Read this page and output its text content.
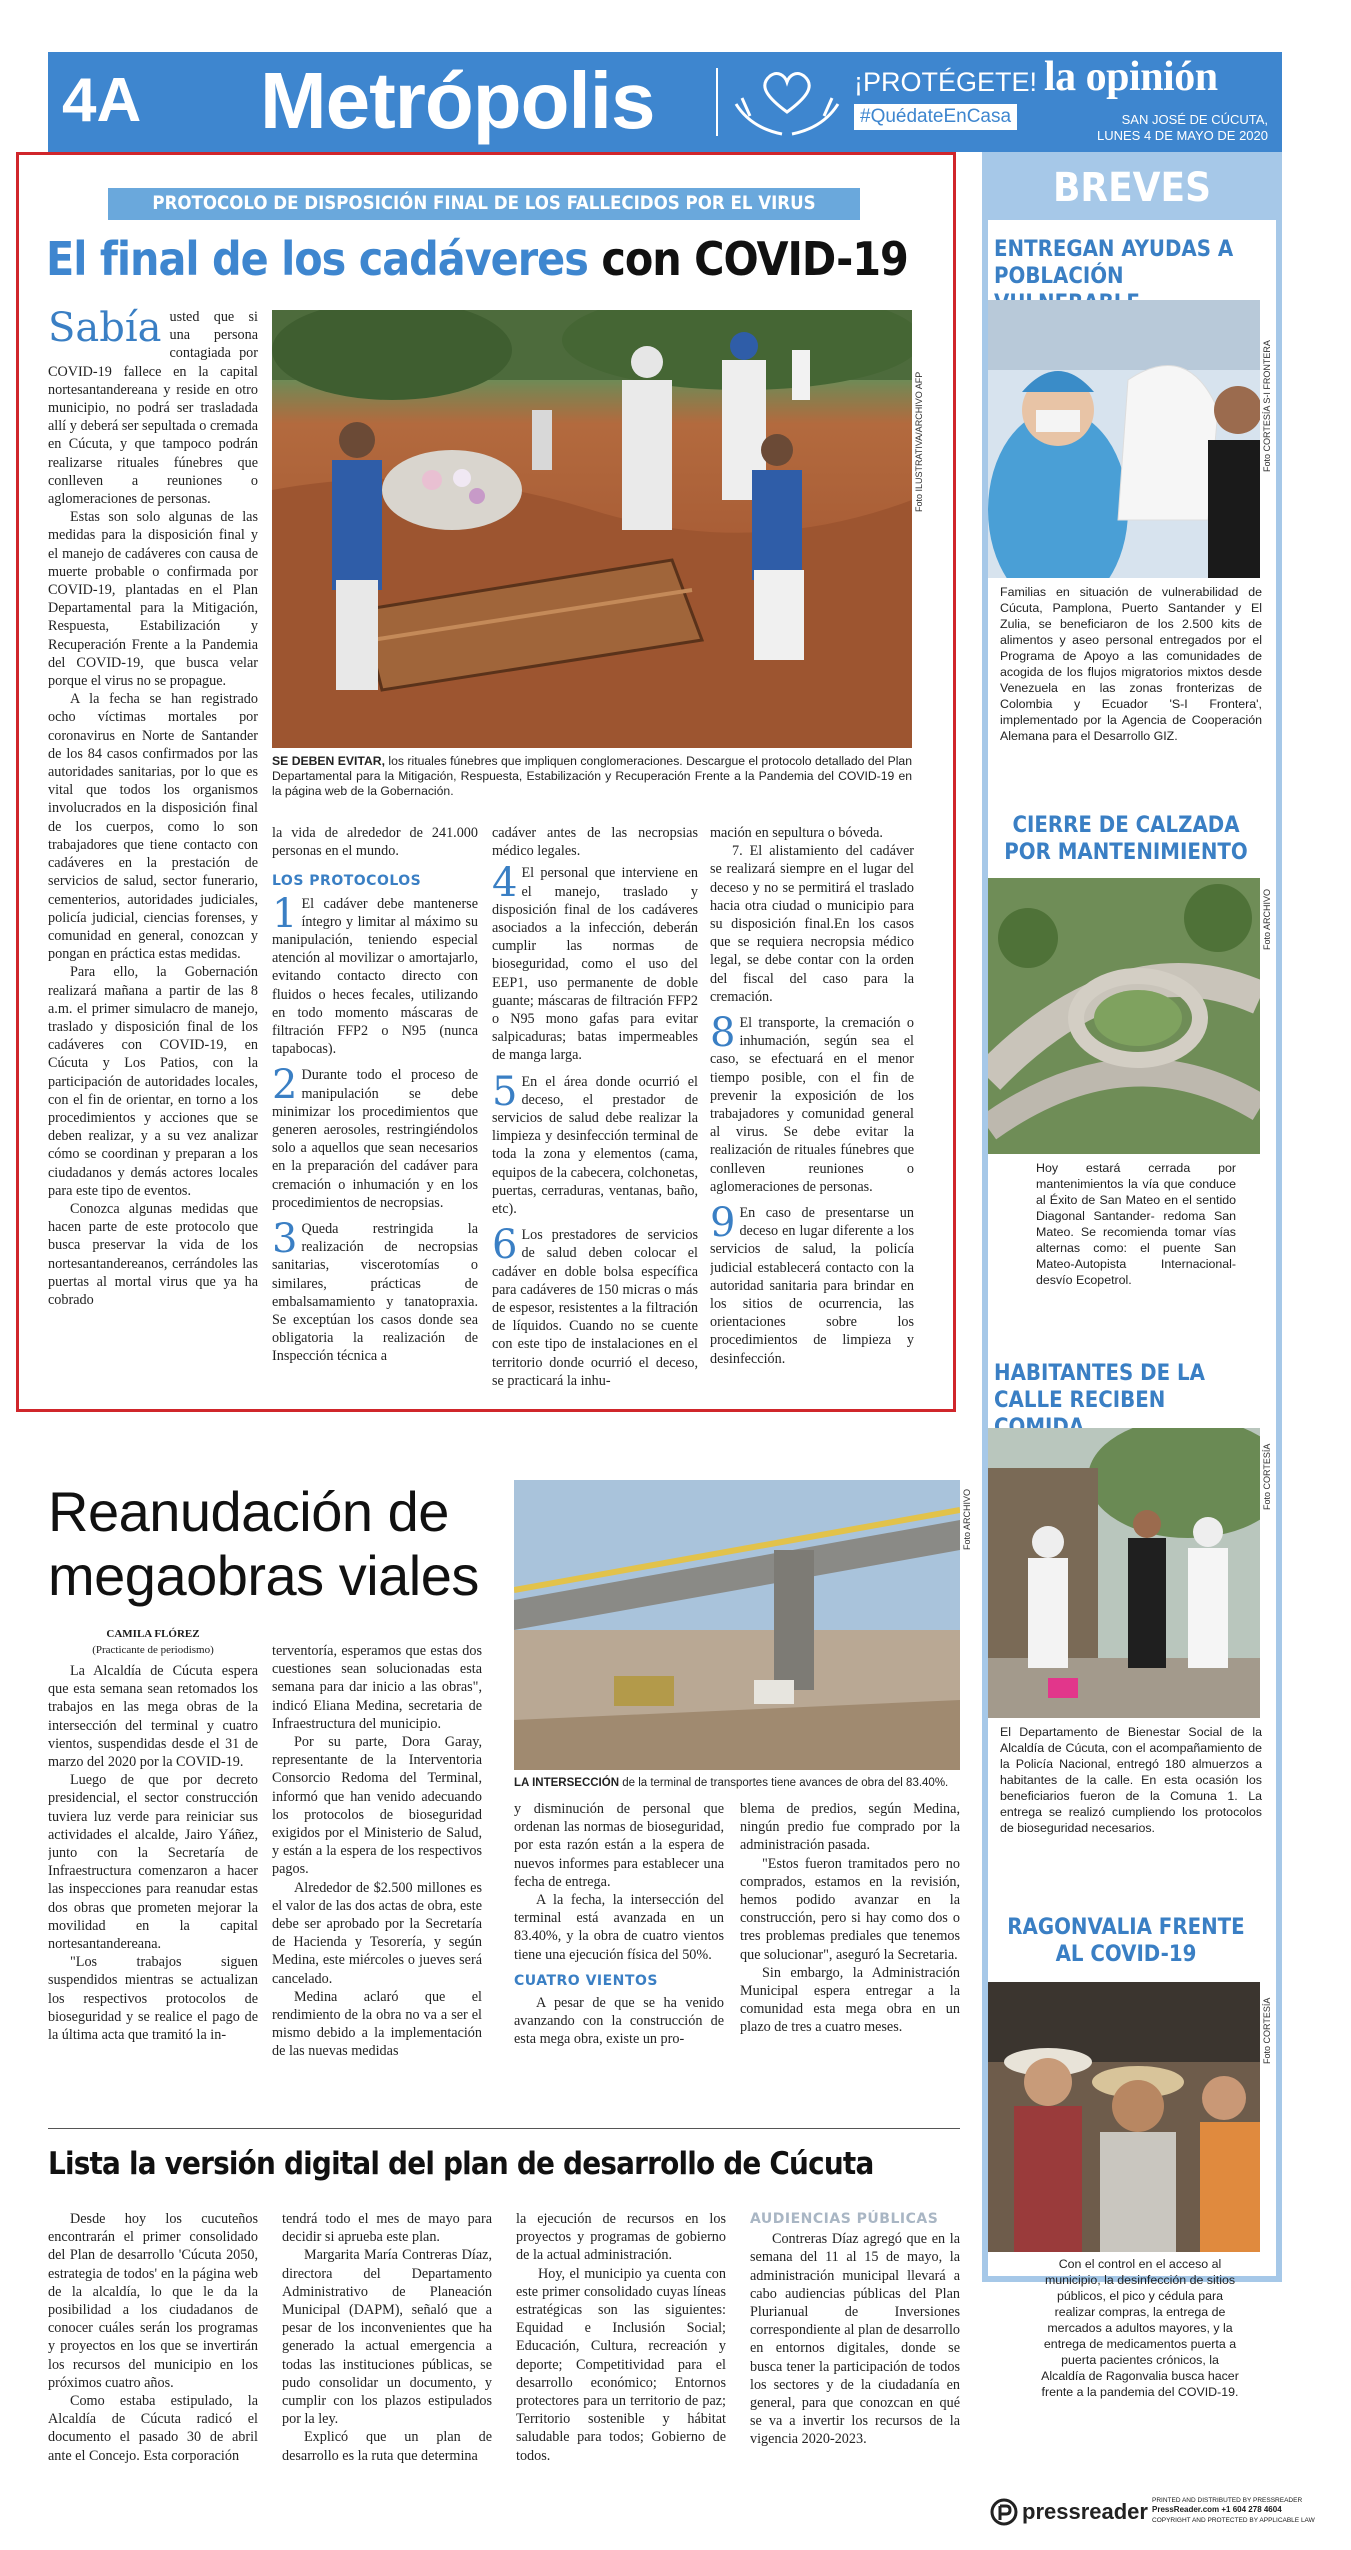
4A Metrópolis	¡PROTÉGETE!
#QuédateEnCasa
la opinión
SAN JOSÉ DE CÚCUTA,
LUNES 4 DE MAYO DE 2020
PROTOCOLO DE DISPOSICIÓN FINAL DE LOS FALLECIDOS POR EL VIRUS
El final de los cadáveres con COVID-19

Sabía usted que si una persona contagiada por COVID-19 fallece en la capital nortesantandereana y reside en otro municipio, no podrá ser trasladada allí y deberá ser sepultada o cremada en Cúcuta, y que tampoco podrán realizarse rituales fúnebres que conlleven a reuniones o aglomeraciones de personas.

Estas son solo algunas de las medidas para la disposición final y el manejo de cadáveres con causa de muerte probable o confirmada por COVID-19, plantadas en el Plan Departamental para la Mitigación, Respuesta, Estabilización y Recuperación Frente a la Pandemia del COVID-19, que busca velar porque el virus no se propague.

A la fecha se han registrado ocho víctimas mortales por coronavirus en Norte de Santander de los 84 casos confirmados por las autoridades sanitarias, por lo que es vital que todos los organismos involucrados en la disposición final de los cuerpos, como lo son trabajadores que tiene contacto con cadáveres en la prestación de servicios de salud, sector funerario, cementerios, autoridades judiciales, policía judicial, ciencias forenses, y comunidad en general, conozcan y pongan en práctica estas medidas.

Para ello, la Gobernación realizará mañana a partir de las 8 a.m. el primer simulacro de manejo, traslado y disposición final de los cadáveres con COVID-19, en Cúcuta y Los Patios, con la participación de autoridades locales, con el fin de orientar, en torno a los procedimientos y acciones que se deben realizar, y a su vez analizar cómo se coordinan y preparan a los ciudadanos y demás actores locales para este tipo de eventos.

Conozca algunas medidas que hacen parte de este protocolo que busca preservar la vida de los nortesantandereanos, cerrándoles las puertas al mortal virus que ya ha cobrado

Foto ILUSTRATIVA/ARCHIVO AFP
SE DEBEN EVITAR, los rituales fúnebres que impliquen conglomeraciones. Descargue el protocolo detallado del Plan Departamental para la Mitigación, Respuesta, Estabilización y Recuperación Frente a la Pandemia del COVID-19 en la página web de la Gobernación.

la vida de alrededor de 241.000 personas en el mundo.

LOS PROTOCOLOS

1 El cadáver debe mantenerse íntegro y limitar al máximo su manipulación, teniendo especial atención al movilizar o amortajarlo, evitando contacto directo con fluidos o heces fecales, utilizando en todo momento máscaras de filtración FFP2 o N95 (nunca tapabocas).

2 Durante todo el proceso de manipulación se debe minimizar los procedimientos que generen aerosoles, restringiéndolos solo a aquellos que sean necesarios en la preparación del cadáver para cremación o inhumación y en los procedimientos de necropsias.

3 Queda restringida la realización de necropsias sanitarias, viscerotomías o similares, prácticas de embalsamamiento y tanatopraxia. Se exceptúan los casos donde sea obligatoria la realización de Inspección técnica a

cadáver antes de las necropsias médico legales.

4 El personal que interviene en el manejo, traslado y disposición final de los cadáveres asociados a la infección, deberán cumplir las normas de bioseguridad, como el uso del EEP1, uso permanente de doble guante; máscaras de filtración FFP2 o N95 mono gafas para evitar salpicaduras; batas impermeables de manga larga.

5 En el área donde ocurrió el deceso, el prestador de servicios de salud debe realizar la limpieza y desinfección terminal de toda la zona y elementos (cama, equipos de la cabecera, colchonetas, puertas, cerraduras, ventanas, baño, etc).

6 Los prestadores de servicios de salud deben colocar el cadáver en doble bolsa específica para cadáveres de 150 micras o más de espesor, resistentes a la filtración de líquidos. Cuando no se cuente con este tipo de instalaciones en el territorio donde ocurrió el deceso, se practicará la inhu-

mación en sepultura o bóveda.

7. El alistamiento del cadáver se realizará siempre en el lugar del deceso y no se permitirá el traslado hacia otra ciudad o municipio para su disposición final.En los casos que se requiera necropsia médico legal, se debe contar con la orden del fiscal del caso para la cremación.

8 El transporte, la cremación o inhumación, según sea el caso, se efectuará en el menor tiempo posible, con el fin de prevenir la exposición de los trabajadores y comunidad general al virus. Se debe evitar la realización de rituales fúnebres que conlleven reuniones o aglomeraciones de personas.

9 En caso de presentarse un deceso en lugar diferente a los servicios de salud, la policía judicial establecerá contacto con la autoridad sanitaria para brindar en los sitios de ocurrencia, las orientaciones sobre los procedimientos de limpieza y desinfección.

BREVES
ENTREGAN AYUDAS A POBLACIÓN
Foto CORTESÍA S-I FRONTERA
Familias en situación de vulnerabilidad de Cúcuta, Pamplona, Puerto Santander y El Zulia, se beneficiaron de los 2.500 kits de alimentos y aseo personal entregados por el Programa de Apoyo a las comunidades de acogida de los flujos migratorios mixtos desde Venezuela en las zonas fronterizas de Colombia y Ecuador 'S-I Frontera', implementado por la Agencia de Cooperación Alemana para el Desarrollo GIZ.
CIERRE DE CALZADA POR MANTENIMIENTO
Foto ARCHIVO
Hoy estará cerrada por mantenimientos la vía que conduce al Éxito de San Mateo en el sentido Diagonal Santander- redoma San Mateo. Se recomienda tomar vías alternas como: el puente San Mateo-Autopista Internacional-desvío Ecopetrol.
HABITANTES DE LA CALLE RECIBEN
Foto CORTESÍA
El Departamento de Bienestar Social de la Alcaldía de Cúcuta, con el acompañamiento de la Policía Nacional, entregó 180 almuerzos a habitantes de la calle. En esta ocasión los beneficiarios fueron de la Comuna 1. La entrega se realizó cumpliendo los protocolos de bioseguridad necesarios.
RAGONVALIA FRENTE AL COVID-19
Foto CORTESÍA
Con el control en el acceso al municipio, la desinfección de sitios públicos, el pico y cédula para realizar compras, la entrega de mercados a adultos mayores, y la entrega de medicamentos puerta a puerta pacientes crónicos, la Alcaldía de Ragonvalia busca hacer frente a la pandemia del COVID-19.
Reanudación de
megaobras viales
CAMILA FLÓREZ
(Practicante de periodismo)

La Alcaldía de Cúcuta espera que esta semana sean retomados los trabajos en las mega obras de la intersección del terminal y cuatro vientos, suspendidas desde el 31 de marzo del 2020 por la COVID-19.

Luego de que por decreto presidencial, el sector construcción tuviera luz verde para reiniciar sus actividades el alcalde, Jairo Yáñez, junto con la Secretaría de Infraestructura comenzaron a hacer las inspecciones para reanudar estas dos obras que prometen mejorar la movilidad en la capital nortesantandereana.

"Los trabajos siguen suspendidos mientras se actualizan los respectivos protocolos de bioseguridad y se realice el pago de la última acta que tramitó la in-

terventoría, esperamos que estas dos cuestiones sean solucionadas esta semana para dar inicio a las obras", indicó Eliana Medina, secretaria de Infraestructura del municipio.

Por su parte, Dora Garay, representante de la Interventoria Consorcio Redoma del Terminal, informó que han venido adecuando los protocolos de bioseguridad exigidos por el Ministerio de Salud, y están a la espera de los respectivos pagos.

Alrededor de $2.500 millones es el valor de las dos actas de obra, este debe ser aprobado por la Secretaría de Hacienda y Tesorería, y según Medina, este miércoles o jueves será cancelado.

Medina aclaró que el rendimiento de la obra no va a ser el mismo debido a la implementación de las nuevas medidas

Foto ARCHIVO
LA INTERSECCIÓN de la terminal de transportes tiene avances de obra del 83.40%.

y disminución de personal que ordenan las normas de bioseguridad, por esta razón están a la espera de nuevos informes para establecer una fecha de entrega.

A la fecha, la intersección del terminal está avanzada en un 83.40%, y la obra de cuatro vientos tiene una ejecución física del 50%.

CUATRO VIENTOS

A pesar de que se ha venido avanzando con la construcción de esta mega obra, existe un pro-

blema de predios, según Medina, ningún predio fue comprado por la administración pasada.

"Estos fueron tramitados pero no comprados, estamos en la revisión, hemos podido avanzar en la construcción, pero si hay como dos o tres problemas prediales que tenemos que solucionar", aseguró la Secretaria.

Sin embargo, la Administración Municipal espera entregar a la comunidad esta mega obra en un plazo de tres a cuatro meses.

Lista la versión digital del plan de desarrollo de Cúcuta

Desde hoy los cucuteños encontrarán el primer consolidado del Plan de desarrollo 'Cúcuta 2050, estrategia de todos' en la página web de la alcaldía, lo que le da la posibilidad a los ciudadanos de conocer cuáles serán los programas y proyectos en los que se invertirán los recursos del municipio en los próximos cuatro años.

Como estaba estipulado, la Alcaldía de Cúcuta radicó el documento el pasado 30 de abril ante el Concejo. Esta corporación

tendrá todo el mes de mayo para decidir si aprueba este plan.

Margarita María Contreras Díaz, directora del Departamento Administrativo de Planeación Municipal (DAPM), señaló que a pesar de los inconvenientes que ha generado la actual emergencia a todas las instituciones públicas, se pudo consolidar un documento, y cumplir con los plazos estipulados por la ley.

Explicó que un plan de desarrollo es la ruta que determina

la ejecución de recursos en los proyectos y programas de gobierno de la actual administración.

Hoy, el municipio ya cuenta con este primer consolidado cuyas líneas estratégicas son las siguientes: Equidad e Inclusión Social; Educación, Cultura, recreación y deporte; Competitividad para el desarrollo económico; Entornos protectores para un territorio de paz; Territorio sostenible y hábitat saludable para todos; Gobierno de todos.

AUDIENCIAS PÚBLICAS

Contreras Díaz agregó que en la semana del 11 al 15 de mayo, la administración municipal llevará a cabo audiencias públicas del Plan Plurianual de Inversiones correspondiente al plan de desarrollo en entornos digitales, donde se busca tener la participación de todos los sectores y de la ciudadanía en general, para que conozcan en qué se va a invertir los recursos de la vigencia 2020-2023.

pressreader PRINTED AND DISTRIBUTED BY PRESSREADER
PressReader.com +1 604 278 4604
COPYRIGHT AND PROTECTED BY APPLICABLE LAW
